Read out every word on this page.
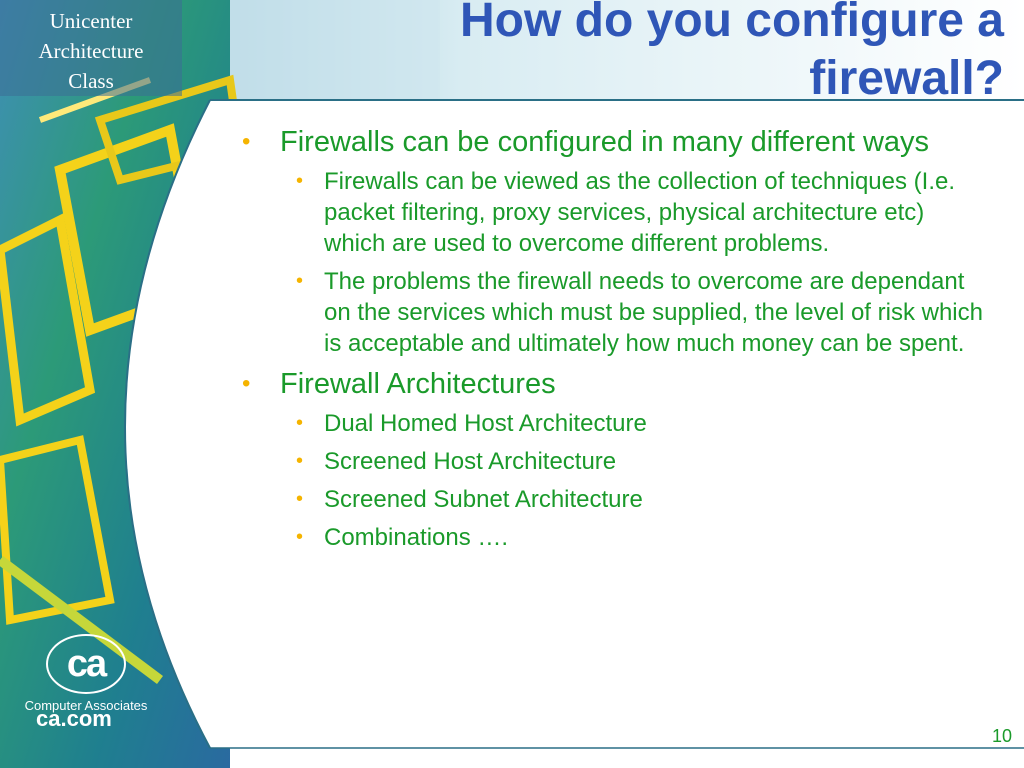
Unicenter
Architecture
Class
How do you configure a
firewall?
• Firewalls can be configured in many different ways
• Firewalls can be viewed as the collection of techniques (I.e. packet filtering, proxy services, physical architecture etc) which are used to overcome different problems.
• The problems the firewall needs to overcome are dependant on the services which must be supplied, the level of risk which is acceptable and ultimately how much money can be spent.
• Firewall Architectures
• Dual Homed Host Architecture
• Screened Host Architecture
• Screened Subnet Architecture
• Combinations ….
ca
Computer Associates
ca.com
10
